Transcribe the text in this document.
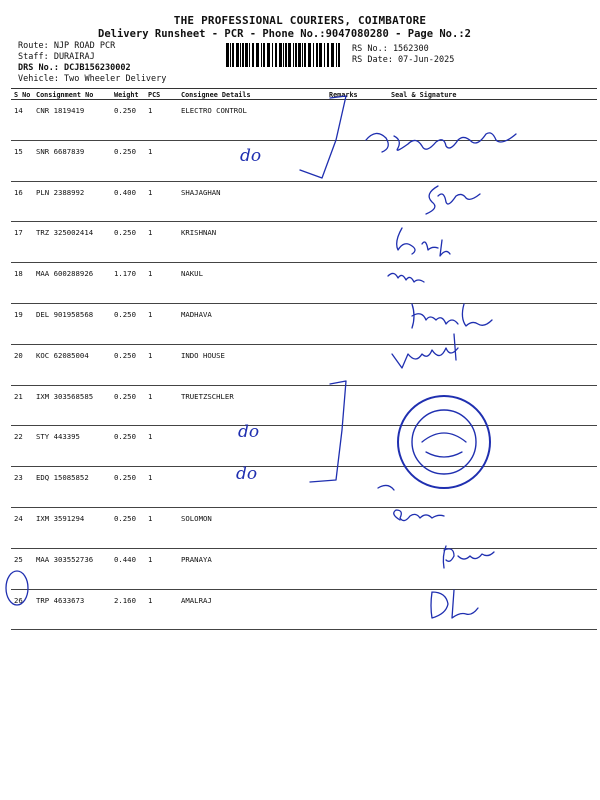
THE PROFESSIONAL COURIERS, COIMBATORE
Delivery Runsheet - PCR - Phone No.:9047080280 - Page No.:2
Route: NJP ROAD PCR
Staff: DURAIRAJ
DRS No.: DCJB156230002
Vehicle: Two Wheeler Delivery
RS No.: 1562300
RS Date: 07-Jun-2025
S No	Consignment No	Weight	PCS	Consignee Details	Remarks	Seal & Signature
14	CNR 1819419	0.250	1	ELECTRO CONTROL		
15	SNR 6687839	0.250	1			
16	PLN 2388992	0.400	1	SHAJAGHAN		
17	TRZ 325002414	0.250	1	KRISHNAN		
18	MAA 600288926	1.170	1	NAKUL		
19	DEL 901958568	0.250	1	MADHAVA		
20	KOC 62085004	0.250	1	INDO HOUSE		
21	IXM 303568585	0.250	1	TRUETZSCHLER		
22	STY 443395	0.250	1			
23	EDQ 15085852	0.250	1			
24	IXM 3591294	0.250	1	SOLOMON		
25	MAA 303552736	0.440	1	PRANAYA		
26	TRP 4633673	2.160	1	AMALRAJ		
do
do
do
